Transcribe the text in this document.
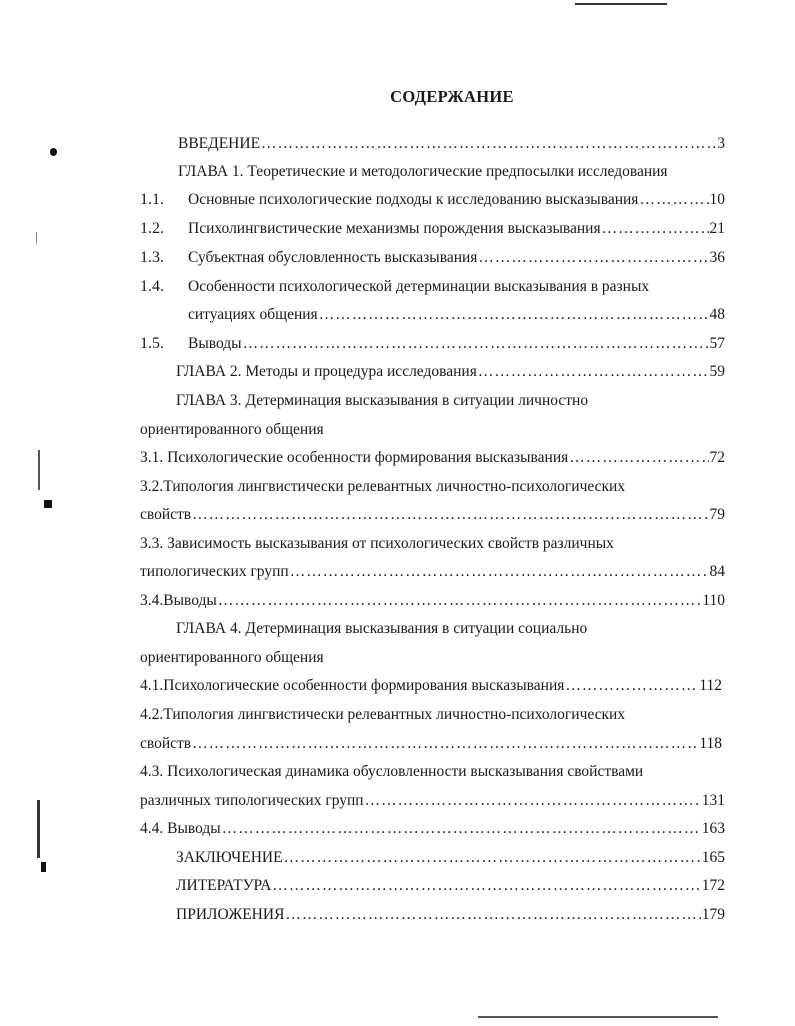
СОДЕРЖАНИЕ
ВВЕДЕНИЕ …………………………………………………………………………………………………………………………………………………………	3
ГЛАВА 1. Теоретические и методологические предпосылки исследования
1.1. Основные психологические подходы к исследованию высказывания …………………………………………………………………………………………………………………………………………………………	10
1.2. Психолингвистические механизмы порождения высказывания …………………………………………………………………………………………………………………………………………………………	21
1.3. Субъектная обусловленность высказывания …………………………………………………………………………………………………………………………………………………………	36
1.4. Особенности психологической детерминации высказывания в разных
ситуациях общения …………………………………………………………………………………………………………………………………………………………	48
1.5. Выводы …………………………………………………………………………………………………………………………………………………………	57
ГЛАВА 2. Методы и процедура исследования …………………………………………………………………………………………………………………………………………………………	59
ГЛАВА 3. Детерминация высказывания в ситуации личностно
ориентированного общения
3.1. Психологические особенности формирования высказывания …………………………………………………………………………………………………………………………………………………………	72
3.2.Типология лингвистически релевантных личностно-психологических
свойств …………………………………………………………………………………………………………………………………………………………	79
3.3. Зависимость высказывания от психологических свойств различных
типологических групп …………………………………………………………………………………………………………………………………………………………	84
3.4.Выводы …………………………………………………………………………………………………………………………………………………………	110
ГЛАВА 4. Детерминация высказывания в ситуации социально
ориентированного общения
4.1.Психологические особенности формирования высказывания …………………………………………………………………………………………………………………………………………………………	112
4.2.Типология лингвистически релевантных личностно-психологических
свойств …………………………………………………………………………………………………………………………………………………………	118
4.3. Психологическая динамика обусловленности высказывания свойствами
различных типологических групп …………………………………………………………………………………………………………………………………………………………	131
4.4. Выводы …………………………………………………………………………………………………………………………………………………………	163
ЗАКЛЮЧЕНИЕ …………………………………………………………………………………………………………………………………………………………	165
ЛИТЕРАТУРА …………………………………………………………………………………………………………………………………………………………	172
ПРИЛОЖЕНИЯ …………………………………………………………………………………………………………………………………………………………	179
